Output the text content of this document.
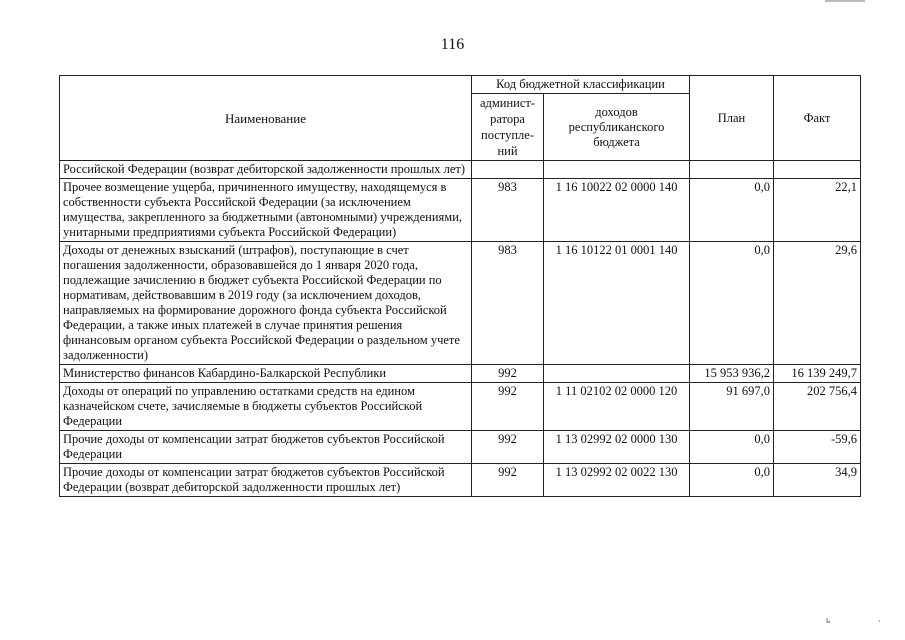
116
Наименование	Код бюджетной классификации		План	Факт
	админист-ратора поступле-ний	доходов республиканского бюджета		
Российской Федерации (возврат дебиторской задолженности прошлых лет)				
Прочее возмещение ущерба, причиненного имуществу, находящемуся в собственности субъекта Российской Федерации (за исключением имущества, закрепленного за бюджетными (автономными) учреждениями, унитарными предприятиями субъекта Российской Федерации)	983	1 16 10022 02 0000 140	0,0	22,1
Доходы от денежных взысканий (штрафов), поступающие в счет погашения задолженности, образовавшейся до 1 января 2020 года, подлежащие зачислению в бюджет субъекта Российской Федерации по нормативам, действовавшим в 2019 году (за исключением доходов, направляемых на формирование дорожного фонда субъекта Российской Федерации, а также иных платежей в случае принятия решения финансовым органом субъекта Российской Федерации о раздельном учете задолженности)	983	1 16 10122 01 0001 140	0,0	29,6
Министерство финансов Кабардино-Балкарской Республики	992		15 953 936,2	16 139 249,7
Доходы от операций по управлению остатками средств на едином казначейском счете, зачисляемые в бюджеты субъектов Российской Федерации	992	1 11 02102 02 0000 120	91 697,0	202 756,4
Прочие доходы от компенсации затрат бюджетов субъектов Российской Федерации	992	1 13 02992 02 0000 130	0,0	-59,6
Прочие доходы от компенсации затрат бюджетов субъектов Российской Федерации (возврат дебиторской задолженности прошлых лет)	992	1 13 02992 02 0022 130	0,0	34,9
ь	·
